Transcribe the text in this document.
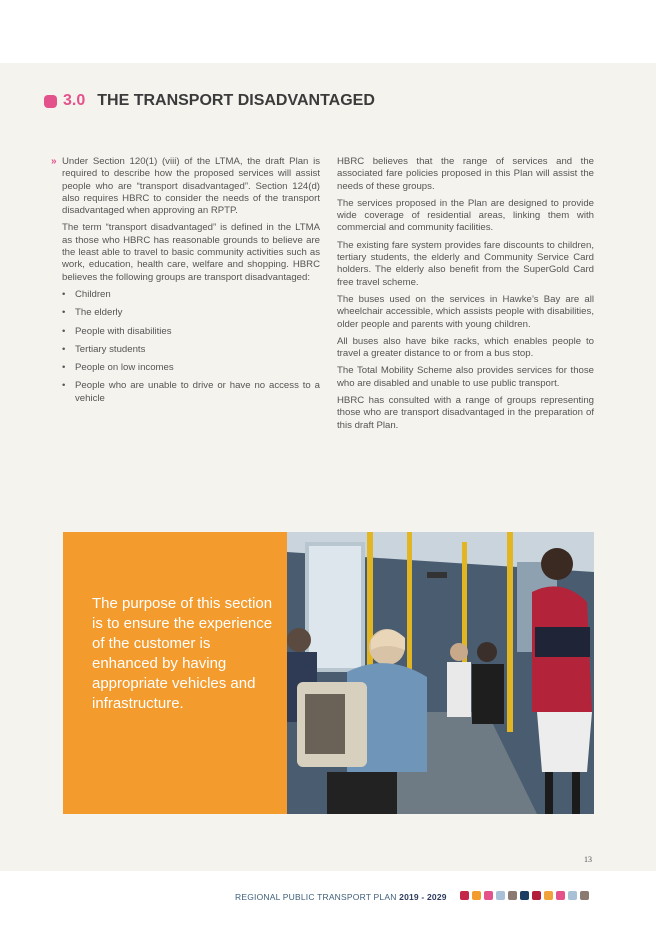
3.0 THE TRANSPORT DISADVANTAGED
» Under Section 120(1) (viii) of the LTMA, the draft Plan is required to describe how the proposed services will assist people who are “transport disadvantaged”. Section 124(d) also requires HBRC to consider the needs of the transport disadvantaged when approving an RPTP.

The term “transport disadvantaged” is defined in the LTMA as those who HBRC has reasonable grounds to believe are the least able to travel to basic community activities such as work, education, health care, welfare and shopping. HBRC believes the following groups are transport disadvantaged:

• Children
• The elderly
• People with disabilities
• Tertiary students
• People on low incomes
• People who are unable to drive or have no access to a vehicle

HBRC believes that the range of services and the associated fare policies proposed in this Plan will assist the needs of these groups.

The services proposed in the Plan are designed to provide wide coverage of residential areas, linking them with commercial and community facilities.

The existing fare system provides fare discounts to children, tertiary students, the elderly and Community Service Card holders. The elderly also benefit from the SuperGold Card free travel scheme.

The buses used on the services in Hawke’s Bay are all wheelchair accessible, which assists people with disabilities, older people and parents with young children.

All buses also have bike racks, which enables people to travel a greater distance to or from a bus stop.

The Total Mobility Scheme also provides services for those who are disabled and unable to use public transport.

HBRC has consulted with a range of groups representing those who are transport disadvantaged in the preparation of this draft Plan.

The purpose of this section is to ensure the experience of the customer is enhanced by having appropriate vehicles and infrastructure.
13
REGIONAL PUBLIC TRANSPORT PLAN 2019 - 2029
